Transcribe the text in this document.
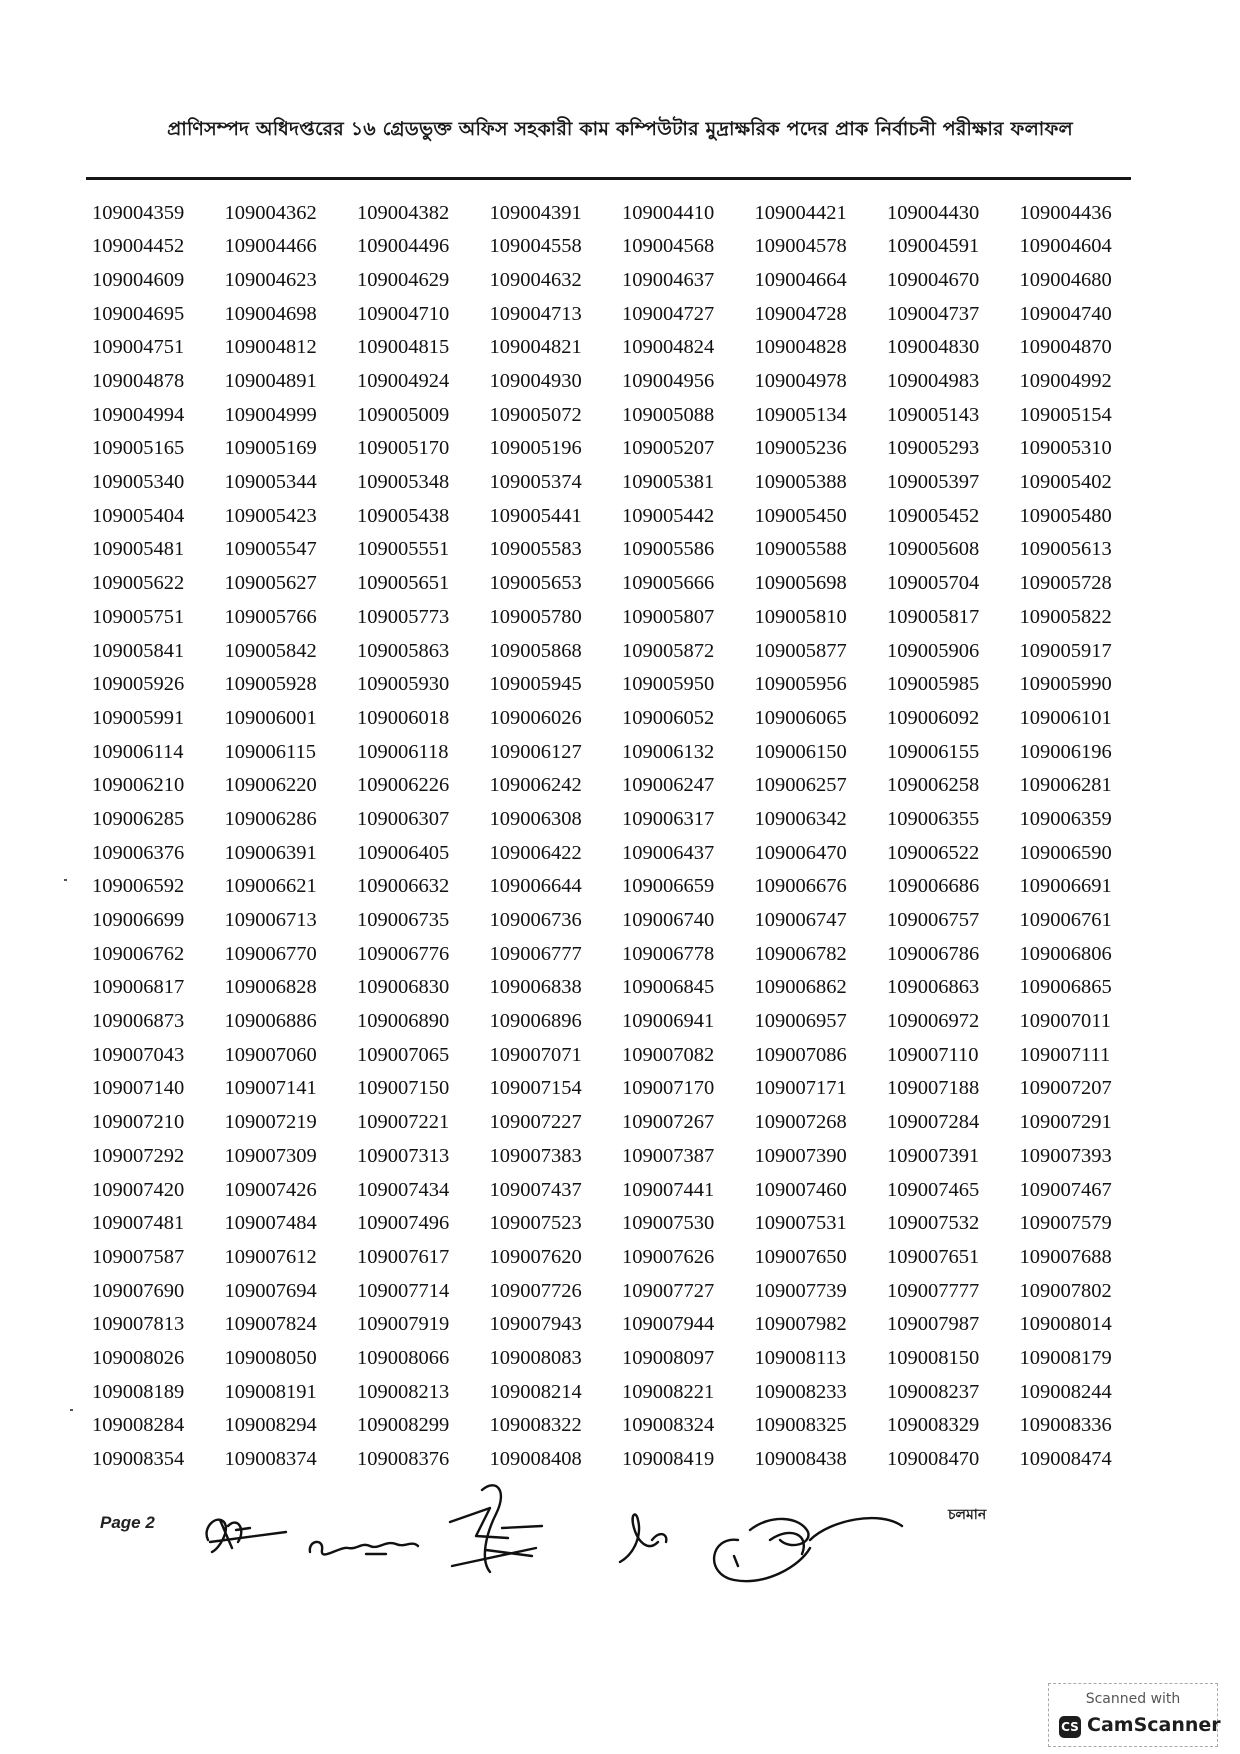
প্রাণিসম্পদ অধিদপ্তরের ১৬ গ্রেডভুক্ত অফিস সহকারী কাম কম্পিউটার মুদ্রাক্ষরিক পদের প্রাক নির্বাচনী পরীক্ষার ফলাফল
109004359	109004362	109004382	109004391	109004410	109004421	109004430	109004436
109004452	109004466	109004496	109004558	109004568	109004578	109004591	109004604
109004609	109004623	109004629	109004632	109004637	109004664	109004670	109004680
109004695	109004698	109004710	109004713	109004727	109004728	109004737	109004740
109004751	109004812	109004815	109004821	109004824	109004828	109004830	109004870
109004878	109004891	109004924	109004930	109004956	109004978	109004983	109004992
109004994	109004999	109005009	109005072	109005088	109005134	109005143	109005154
109005165	109005169	109005170	109005196	109005207	109005236	109005293	109005310
109005340	109005344	109005348	109005374	109005381	109005388	109005397	109005402
109005404	109005423	109005438	109005441	109005442	109005450	109005452	109005480
109005481	109005547	109005551	109005583	109005586	109005588	109005608	109005613
109005622	109005627	109005651	109005653	109005666	109005698	109005704	109005728
109005751	109005766	109005773	109005780	109005807	109005810	109005817	109005822
109005841	109005842	109005863	109005868	109005872	109005877	109005906	109005917
109005926	109005928	109005930	109005945	109005950	109005956	109005985	109005990
109005991	109006001	109006018	109006026	109006052	109006065	109006092	109006101
109006114	109006115	109006118	109006127	109006132	109006150	109006155	109006196
109006210	109006220	109006226	109006242	109006247	109006257	109006258	109006281
109006285	109006286	109006307	109006308	109006317	109006342	109006355	109006359
109006376	109006391	109006405	109006422	109006437	109006470	109006522	109006590
109006592	109006621	109006632	109006644	109006659	109006676	109006686	109006691
109006699	109006713	109006735	109006736	109006740	109006747	109006757	109006761
109006762	109006770	109006776	109006777	109006778	109006782	109006786	109006806
109006817	109006828	109006830	109006838	109006845	109006862	109006863	109006865
109006873	109006886	109006890	109006896	109006941	109006957	109006972	109007011
109007043	109007060	109007065	109007071	109007082	109007086	109007110	109007111
109007140	109007141	109007150	109007154	109007170	109007171	109007188	109007207
109007210	109007219	109007221	109007227	109007267	109007268	109007284	109007291
109007292	109007309	109007313	109007383	109007387	109007390	109007391	109007393
109007420	109007426	109007434	109007437	109007441	109007460	109007465	109007467
109007481	109007484	109007496	109007523	109007530	109007531	109007532	109007579
109007587	109007612	109007617	109007620	109007626	109007650	109007651	109007688
109007690	109007694	109007714	109007726	109007727	109007739	109007777	109007802
109007813	109007824	109007919	109007943	109007944	109007982	109007987	109008014
109008026	109008050	109008066	109008083	109008097	109008113	109008150	109008179
109008189	109008191	109008213	109008214	109008221	109008233	109008237	109008244
109008284	109008294	109008299	109008322	109008324	109008325	109008329	109008336
109008354	109008374	109008376	109008408	109008419	109008438	109008470	109008474
Page 2	চলমান
Scanned with
CS CamScanner
